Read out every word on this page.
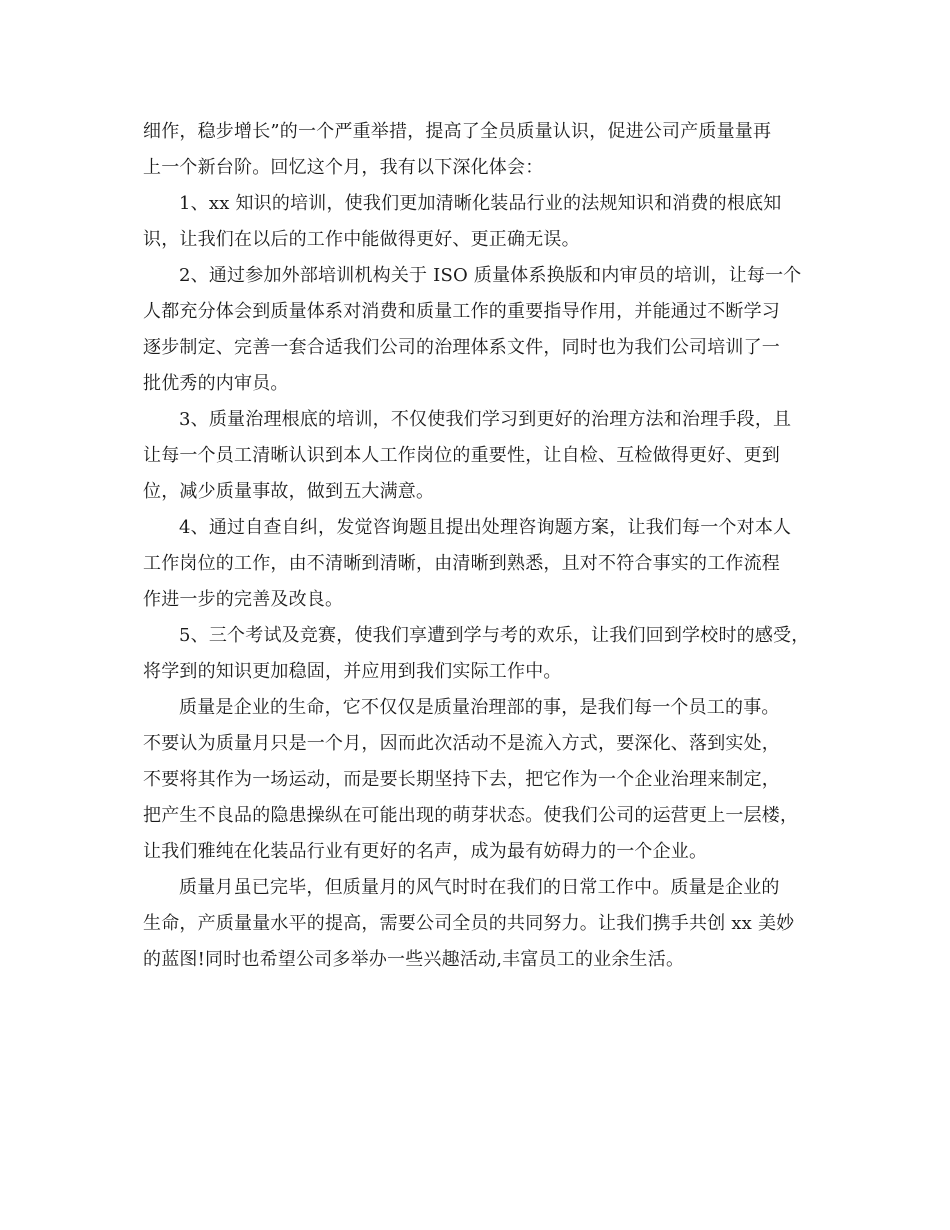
细作，稳步增长”的一个严重举措，提高了全员质量认识，促进公司产质量量再
上一个新台阶。回忆这个月，我有以下深化体会：
1、xx 知识的培训，使我们更加清晰化装品行业的法规知识和消费的根底知
识，让我们在以后的工作中能做得更好、更正确无误。
2、通过参加外部培训机构关于 ISO 质量体系换版和内审员的培训，让每一个
人都充分体会到质量体系对消费和质量工作的重要指导作用，并能通过不断学习
逐步制定、完善一套合适我们公司的治理体系文件，同时也为我们公司培训了一
批优秀的内审员。
3、质量治理根底的培训，不仅使我们学习到更好的治理方法和治理手段，且
让每一个员工清晰认识到本人工作岗位的重要性，让自检、互检做得更好、更到
位，减少质量事故，做到五大满意。
4、通过自查自纠，发觉咨询题且提出处理咨询题方案，让我们每一个对本人
工作岗位的工作，由不清晰到清晰，由清晰到熟悉，且对不符合事实的工作流程
作进一步的完善及改良。
5、三个考试及竞赛，使我们享遭到学与考的欢乐，让我们回到学校时的感受，
将学到的知识更加稳固，并应用到我们实际工作中。
质量是企业的生命，它不仅仅是质量治理部的事，是我们每一个员工的事。
不要认为质量月只是一个月，因而此次活动不是流入方式，要深化、落到实处，
不要将其作为一场运动，而是要长期坚持下去，把它作为一个企业治理来制定，
把产生不良品的隐患操纵在可能出现的萌芽状态。使我们公司的运营更上一层楼，
让我们雅纯在化装品行业有更好的名声，成为最有妨碍力的一个企业。
质量月虽已完毕，但质量月的风气时时在我们的日常工作中。质量是企业的
生命，产质量量水平的提高，需要公司全员的共同努力。让我们携手共创 xx 美妙
的蓝图!同时也希望公司多举办一些兴趣活动,丰富员工的业余生活。
